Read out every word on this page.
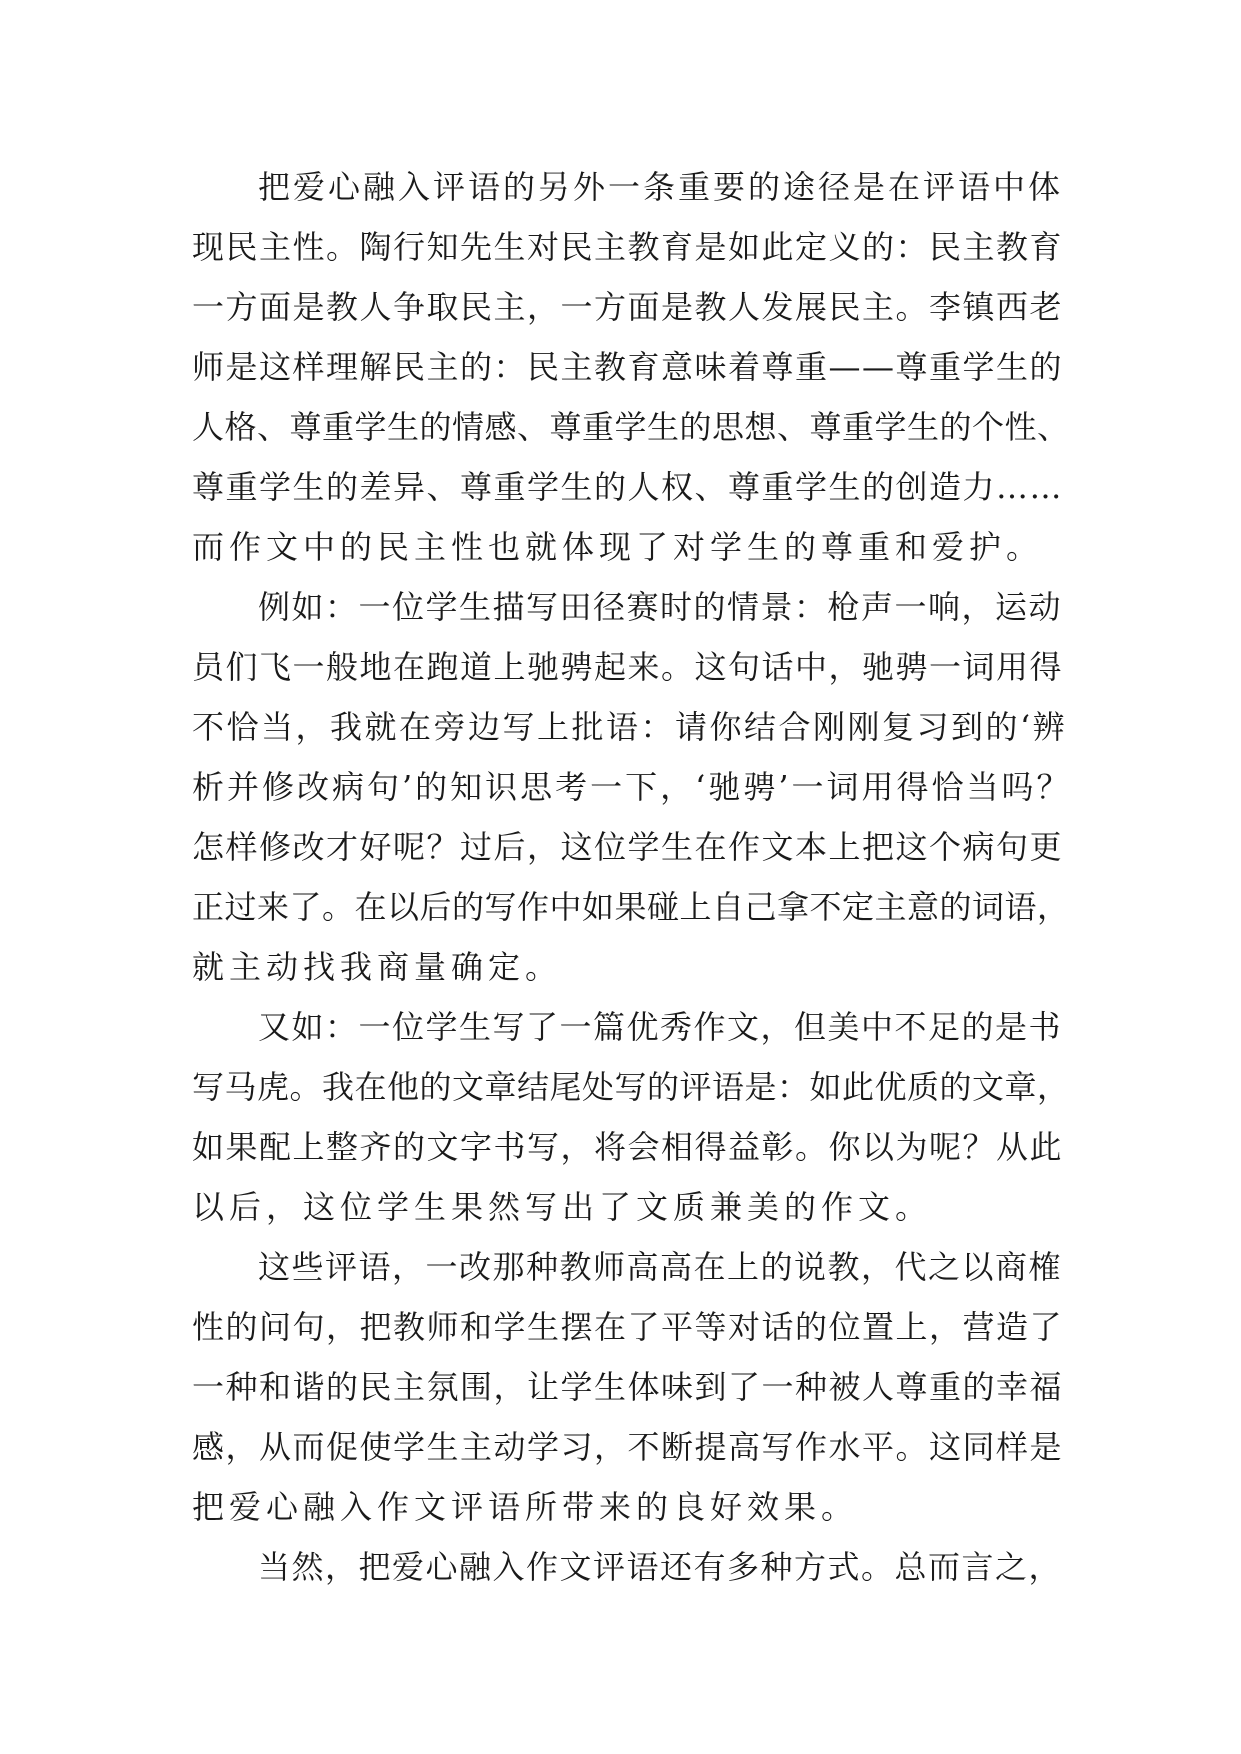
把爱心融入评语的另外一条重要的途径是在评语中体
现民主性。陶行知先生对民主教育是如此定义的：民主教育
一方面是教人争取民主，一方面是教人发展民主。李镇西老
师是这样理解民主的：民主教育意味着尊重——尊重学生的
人格、尊重学生的情感、尊重学生的思想、尊重学生的个性、
尊重学生的差异、尊重学生的人权、尊重学生的创造力……
而作文中的民主性也就体现了对学生的尊重和爱护。
例如：一位学生描写田径赛时的情景：枪声一响，运动
员们飞一般地在跑道上驰骋起来。这句话中，驰骋一词用得
不恰当，我就在旁边写上批语：请你结合刚刚复习到的‘辨
析并修改病句’的知识思考一下，‘驰骋’一词用得恰当吗？
怎样修改才好呢？过后，这位学生在作文本上把这个病句更
正过来了。在以后的写作中如果碰上自己拿不定主意的词语，
就主动找我商量确定。
又如：一位学生写了一篇优秀作文，但美中不足的是书
写马虎。我在他的文章结尾处写的评语是：如此优质的文章，
如果配上整齐的文字书写，将会相得益彰。你以为呢？从此
以后，这位学生果然写出了文质兼美的作文。
这些评语，一改那种教师高高在上的说教，代之以商榷
性的问句，把教师和学生摆在了平等对话的位置上，营造了
一种和谐的民主氛围，让学生体味到了一种被人尊重的幸福
感，从而促使学生主动学习，不断提高写作水平。这同样是
把爱心融入作文评语所带来的良好效果。
当然，把爱心融入作文评语还有多种方式。总而言之，
